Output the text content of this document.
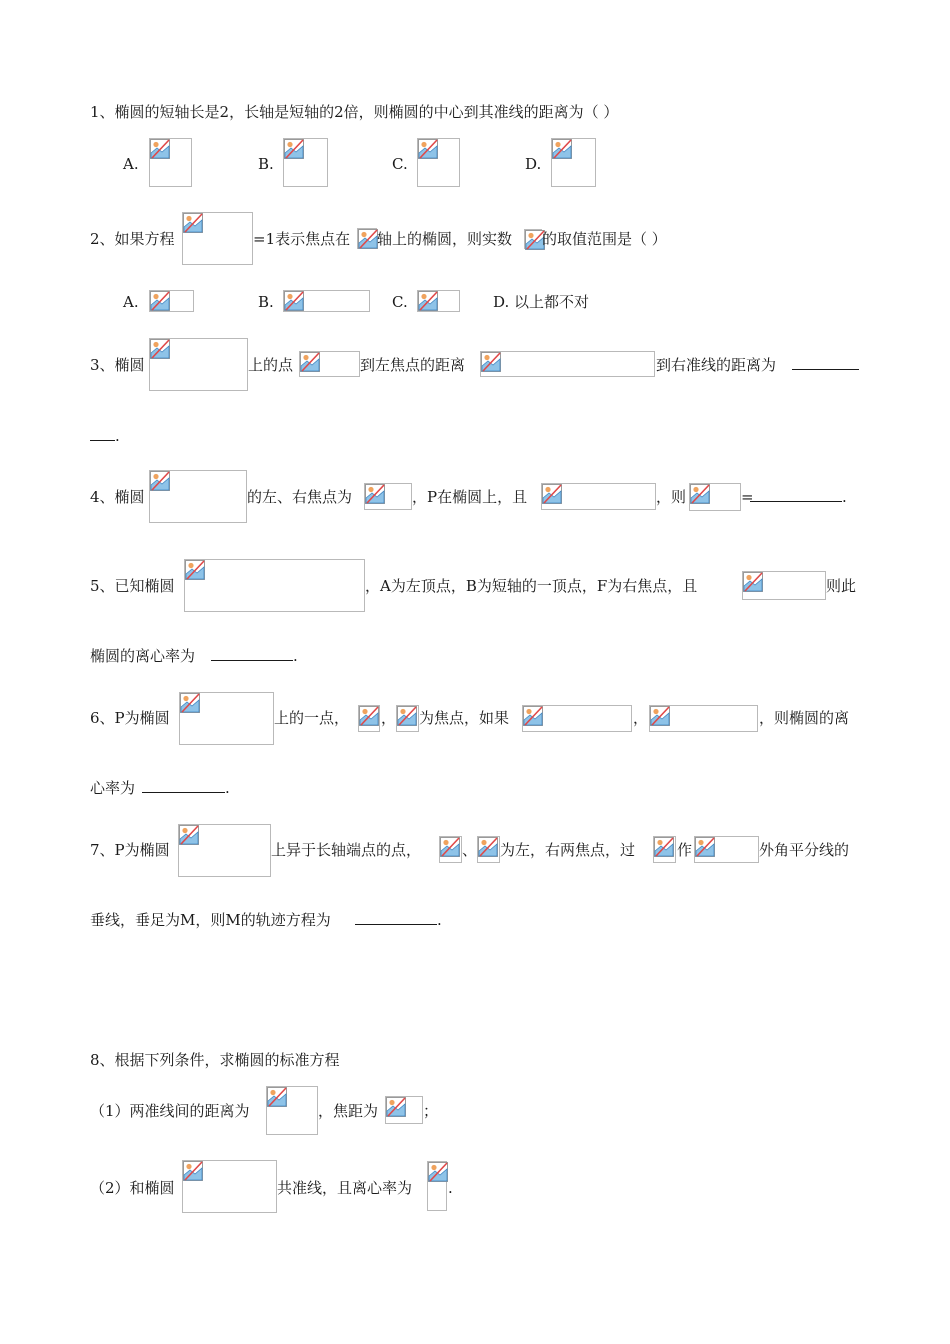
1、椭圆的短轴长是2，长轴是短轴的2倍，则椭圆的中心到其准线的距离为（ ）
A.	B.	C.	D.
2、如果方程	=1表示焦点在 轴上的椭圆，则实数 的取值范围是（ ）
A.	B.	C.	D. 以上都不对
3、椭圆	上的点	到左焦点的距离	到右准线的距离为
.
4、椭圆	的左、右焦点为	，P在椭圆上，且	，则	=	.
5、已知椭圆	，A为左顶点，B为短轴的一顶点，F为右焦点，且	则此
椭圆的离心率为	.
6、P为椭圆	上的一点， ， 为焦点，如果	，	，则椭圆的离
心率为	.
7、P为椭圆	上异于长轴端点的点，	、 为左，右两焦点，过	作	外角平分线的
垂线，垂足为M，则M的轨迹方程为	.
8、根据下列条件，求椭圆的标准方程
（1）两准线间的距离为	，焦距为	；
（2）和椭圆	共准线，且离心率为 .
